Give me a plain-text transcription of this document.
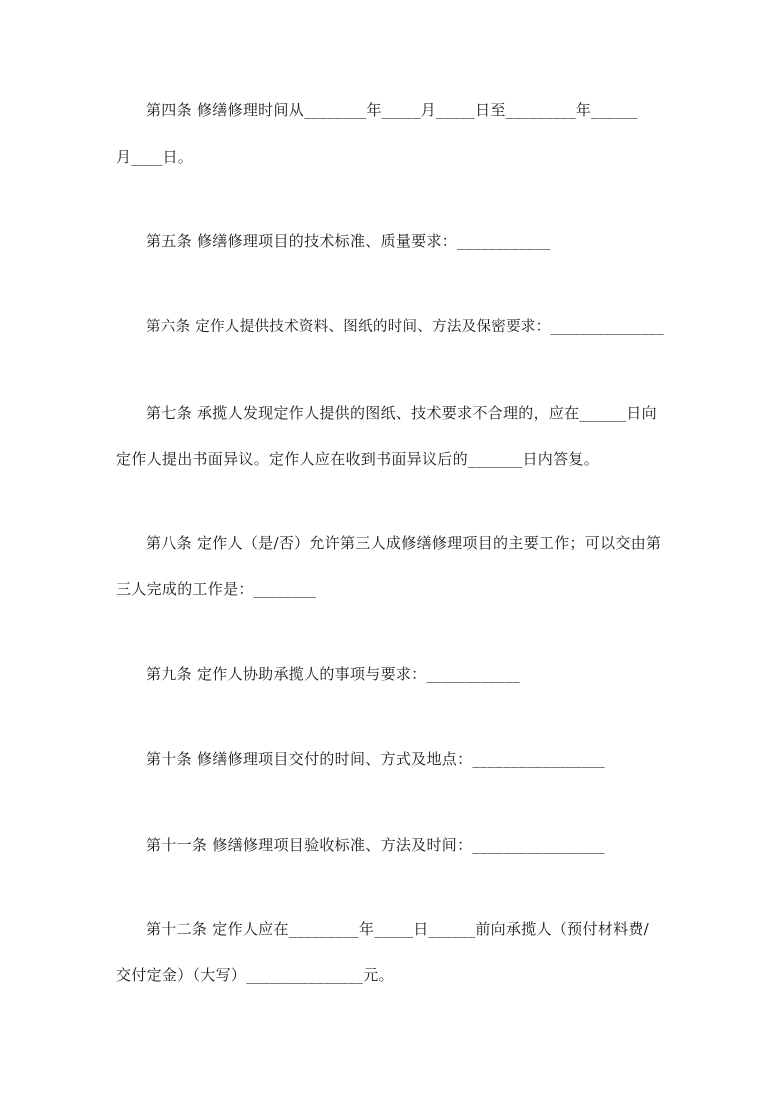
第四条 修缮修理时间从________年_____月_____日至_________年______
月____日。
第五条 修缮修理项目的技术标准、质量要求：____________
第六条 定作人提供技术资料、图纸的时间、方法及保密要求：_______________
第七条 承揽人发现定作人提供的图纸、技术要求不合理的，应在______日向
定作人提出书面异议。定作人应在收到书面异议后的_______日内答复。
第八条 定作人（是/否）允许第三人成修缮修理项目的主要工作；可以交由第
三人完成的工作是：________
第九条 定作人协助承揽人的事项与要求：____________
第十条 修缮修理项目交付的时间、方式及地点：_________________
第十一条 修缮修理项目验收标准、方法及时间：_________________
第十二条 定作人应在_________年_____日______前向承揽人（预付材料费/
交付定金）（大写）_______________元。
